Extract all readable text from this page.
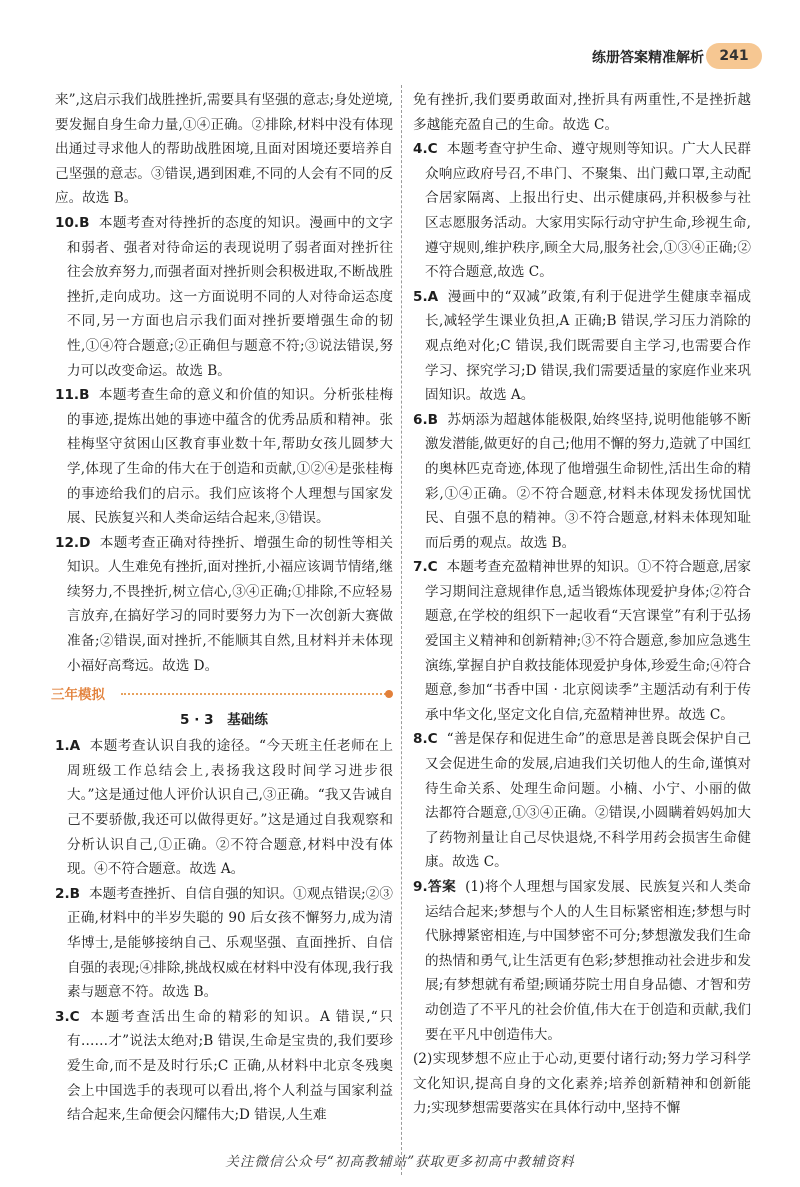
练册答案精准解析	241

来”,这启示我们战胜挫折,需要具有坚强的意志;身处逆境,要发掘自身生命力量,①④正确。②排除,材料中没有体现出通过寻求他人的帮助战胜困境,且面对困境还要培养自己坚强的意志。③错误,遇到困难,不同的人会有不同的反应。故选 B。

10.B 本题考查对待挫折的态度的知识。漫画中的文字和弱者、强者对待命运的表现说明了弱者面对挫折往往会放弃努力,而强者面对挫折则会积极进取,不断战胜挫折,走向成功。这一方面说明不同的人对待命运态度不同,另一方面也启示我们面对挫折要增强生命的韧性,①④符合题意;②正确但与题意不符;③说法错误,努力可以改变命运。故选 B。

11.B 本题考查生命的意义和价值的知识。分析张桂梅的事迹,提炼出她的事迹中蕴含的优秀品质和精神。张桂梅坚守贫困山区教育事业数十年,帮助女孩儿圆梦大学,体现了生命的伟大在于创造和贡献,①②④是张桂梅的事迹给我们的启示。我们应该将个人理想与国家发展、民族复兴和人类命运结合起来,③错误。

12.D 本题考查正确对待挫折、增强生命的韧性等相关知识。人生难免有挫折,面对挫折,小福应该调节情绪,继续努力,不畏挫折,树立信心,③④正确;①排除,不应轻易言放弃,在搞好学习的同时要努力为下一次创新大赛做准备;②错误,面对挫折,不能顺其自然,且材料并未体现小福好高骛远。故选 D。

三年模拟
5 · 3　基础练

1.A 本题考查认识自我的途径。“今天班主任老师在上周班级工作总结会上,表扬我这段时间学习进步很大。”这是通过他人评价认识自己,③正确。“我又告诫自己不要骄傲,我还可以做得更好。”这是通过自我观察和分析认识自己,①正确。②不符合题意,材料中没有体现。④不符合题意。故选 A。

2.B 本题考查挫折、自信自强的知识。①观点错误;②③正确,材料中的半岁失聪的 90 后女孩不懈努力,成为清华博士,是能够接纳自己、乐观坚强、直面挫折、自信自强的表现;④排除,挑战权威在材料中没有体现,我行我素与题意不符。故选 B。

3.C 本题考查活出生命的精彩的知识。A 错误,“只有……才”说法太绝对;B 错误,生命是宝贵的,我们要珍爱生命,而不是及时行乐;C 正确,从材料中北京冬残奥会上中国选手的表现可以看出,将个人利益与国家利益结合起来,生命便会闪耀伟大;D 错误,人生难

免有挫折,我们要勇敢面对,挫折具有两重性,不是挫折越多越能充盈自己的生命。故选 C。

4.C 本题考查守护生命、遵守规则等知识。广大人民群众响应政府号召,不串门、不聚集、出门戴口罩,主动配合居家隔离、上报出行史、出示健康码,并积极参与社区志愿服务活动。大家用实际行动守护生命,珍视生命,遵守规则,维护秩序,顾全大局,服务社会,①③④正确;②不符合题意,故选 C。

5.A 漫画中的“双减”政策,有利于促进学生健康幸福成长,减轻学生课业负担,A 正确;B 错误,学习压力消除的观点绝对化;C 错误,我们既需要自主学习,也需要合作学习、探究学习;D 错误,我们需要适量的家庭作业来巩固知识。故选 A。

6.B 苏炳添为超越体能极限,始终坚持,说明他能够不断激发潜能,做更好的自己;他用不懈的努力,造就了中国红的奥林匹克奇迹,体现了他增强生命韧性,活出生命的精彩,①④正确。②不符合题意,材料未体现发扬忧国忧民、自强不息的精神。③不符合题意,材料未体现知耻而后勇的观点。故选 B。

7.C 本题考查充盈精神世界的知识。①不符合题意,居家学习期间注意规律作息,适当锻炼体现爱护身体;②符合题意,在学校的组织下一起收看“天宫课堂”有利于弘扬爱国主义精神和创新精神;③不符合题意,参加应急逃生演练,掌握自护自救技能体现爱护身体,珍爱生命;④符合题意,参加“书香中国 · 北京阅读季”主题活动有利于传承中华文化,坚定文化自信,充盈精神世界。故选 C。

8.C “善是保存和促进生命”的意思是善良既会保护自己又会促进生命的发展,启迪我们关切他人的生命,谨慎对待生命关系、处理生命问题。小楠、小宁、小丽的做法都符合题意,①③④正确。②错误,小圆瞒着妈妈加大了药物剂量让自己尽快退烧,不科学用药会损害生命健康。故选 C。

9.答案 (1)将个人理想与国家发展、民族复兴和人类命运结合起来;梦想与个人的人生目标紧密相连;梦想与时代脉搏紧密相连,与中国梦密不可分;梦想激发我们生命的热情和勇气,让生活更有色彩;梦想推动社会进步和发展;有梦想就有希望;顾诵芬院士用自身品德、才智和劳动创造了不平凡的社会价值,伟大在于创造和贡献,我们要在平凡中创造伟大。

(2)实现梦想不应止于心动,更要付诸行动;努力学习科学文化知识,提高自身的文化素养;培养创新精神和创新能力;实现梦想需要落实在具体行动中,坚持不懈

关注微信公众号“初高教辅站”获取更多初高中教辅资料
